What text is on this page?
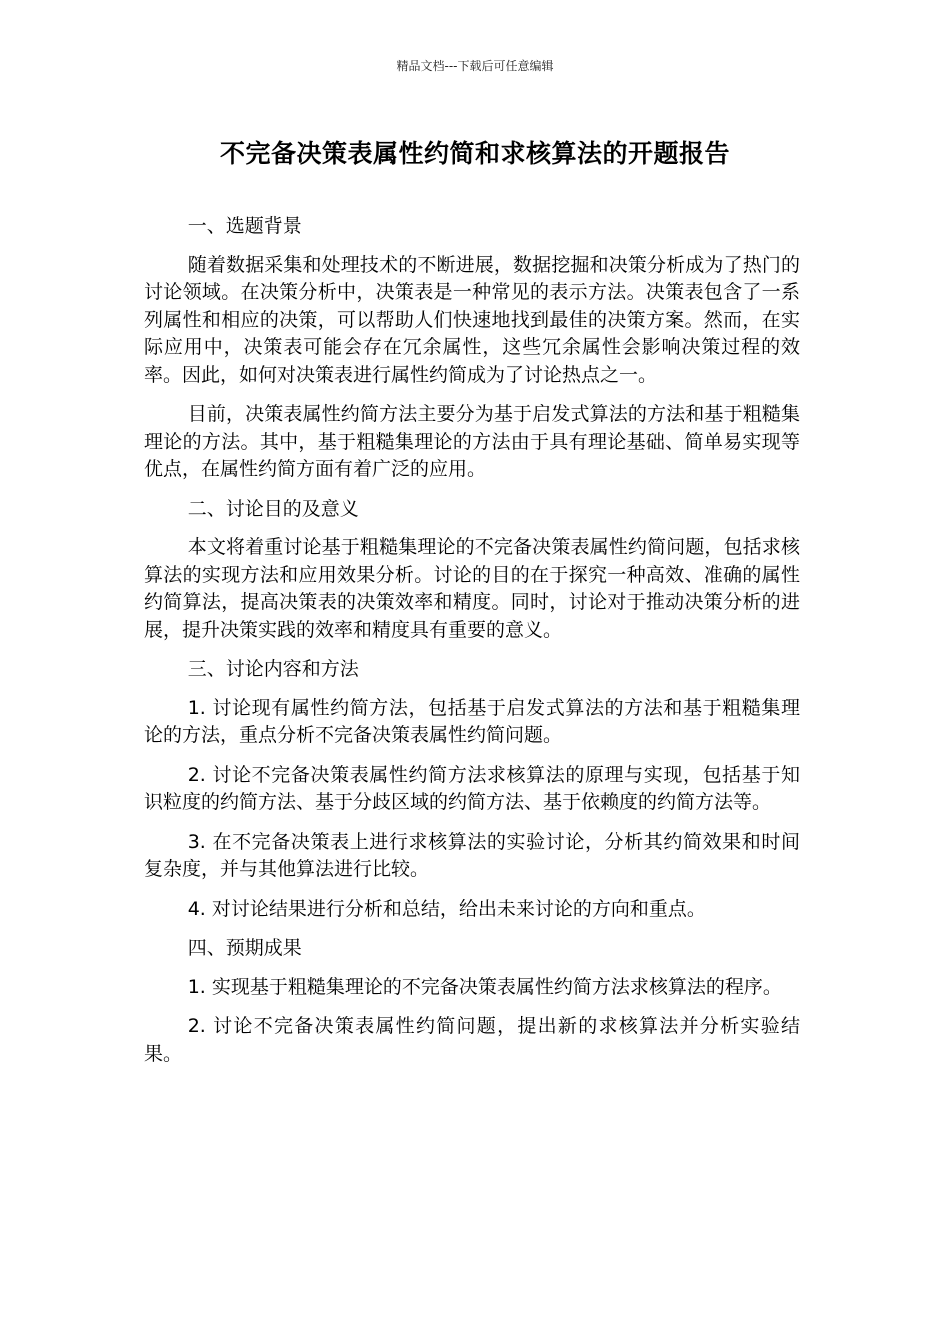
精品文档---下载后可任意编辑
不完备决策表属性约简和求核算法的开题报告
一、选题背景

随着数据采集和处理技术的不断进展，数据挖掘和决策分析成为了热门的讨论领域。在决策分析中，决策表是一种常见的表示方法。决策表包含了一系列属性和相应的决策，可以帮助人们快速地找到最佳的决策方案。然而，在实际应用中，决策表可能会存在冗余属性，这些冗余属性会影响决策过程的效率。因此，如何对决策表进行属性约简成为了讨论热点之一。

目前，决策表属性约简方法主要分为基于启发式算法的方法和基于粗糙集理论的方法。其中，基于粗糙集理论的方法由于具有理论基础、简单易实现等优点，在属性约简方面有着广泛的应用。

二、讨论目的及意义

本文将着重讨论基于粗糙集理论的不完备决策表属性约简问题，包括求核算法的实现方法和应用效果分析。讨论的目的在于探究一种高效、准确的属性约简算法，提高决策表的决策效率和精度。同时，讨论对于推动决策分析的进展，提升决策实践的效率和精度具有重要的意义。

三、讨论内容和方法

1. 讨论现有属性约简方法，包括基于启发式算法的方法和基于粗糙集理论的方法，重点分析不完备决策表属性约简问题。

2. 讨论不完备决策表属性约简方法求核算法的原理与实现，包括基于知识粒度的约简方法、基于分歧区域的约简方法、基于依赖度的约简方法等。

3. 在不完备决策表上进行求核算法的实验讨论，分析其约简效果和时间复杂度，并与其他算法进行比较。

4. 对讨论结果进行分析和总结，给出未来讨论的方向和重点。

四、预期成果

1. 实现基于粗糙集理论的不完备决策表属性约简方法求核算法的程序。

2. 讨论不完备决策表属性约简问题，提出新的求核算法并分析实验结果。
